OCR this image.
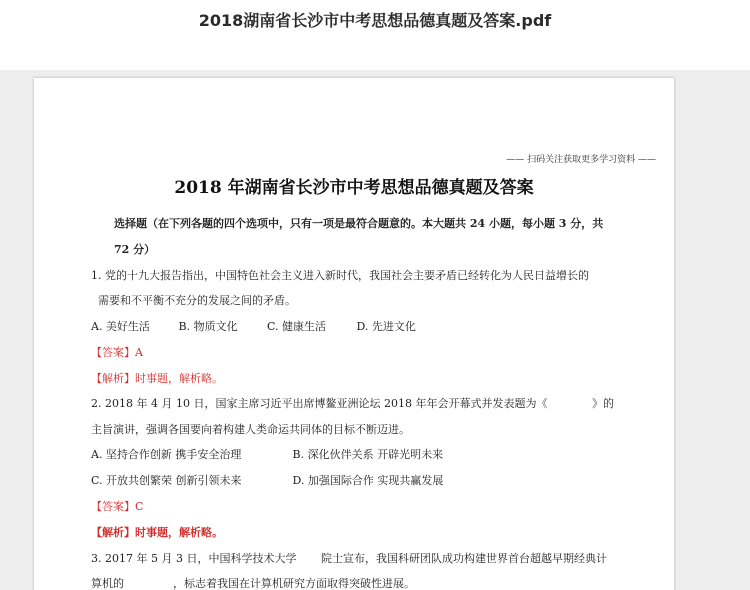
2018湖南省长沙市中考思想品德真题及答案.pdf
—— 扫码关注获取更多学习资料 ——
2018 年湖南省长沙市中考思想品德真题及答案
选择题（在下列各题的四个选项中，只有一项是最符合题意的。本大题共 24 小题，每小题 3 分，共
72 分）
1. 党的十九大报告指出，中国特色社会主义进入新时代，我国社会主要矛盾已经转化为人民日益增长的
需要和不平衡不充分的发展之间的矛盾。
A. 美好生活	B. 物质文化	C. 健康生活	D. 先进文化
【答案】A
【解析】时事题，解析略。
2. 2018 年 4 月 10 日，国家主席习近平出席博鳌亚洲论坛 2018 年年会开幕式并发表题为《	》的
主旨演讲，强调各国要向着构建人类命运共同体的目标不断迈进。
A. 坚持合作创新 携手安全治理	B. 深化伙伴关系 开辟光明未来
C. 开放共创繁荣 创新引领未来	D. 加强国际合作 实现共赢发展
【答案】C
【解析】时事题，解析略。
3. 2017 年 5 月 3 日，中国科学技术大学 院士宣布，我国科研团队成功构建世界首台超越早期经典计
算机的	，标志着我国在计算机研究方面取得突破性进展。
